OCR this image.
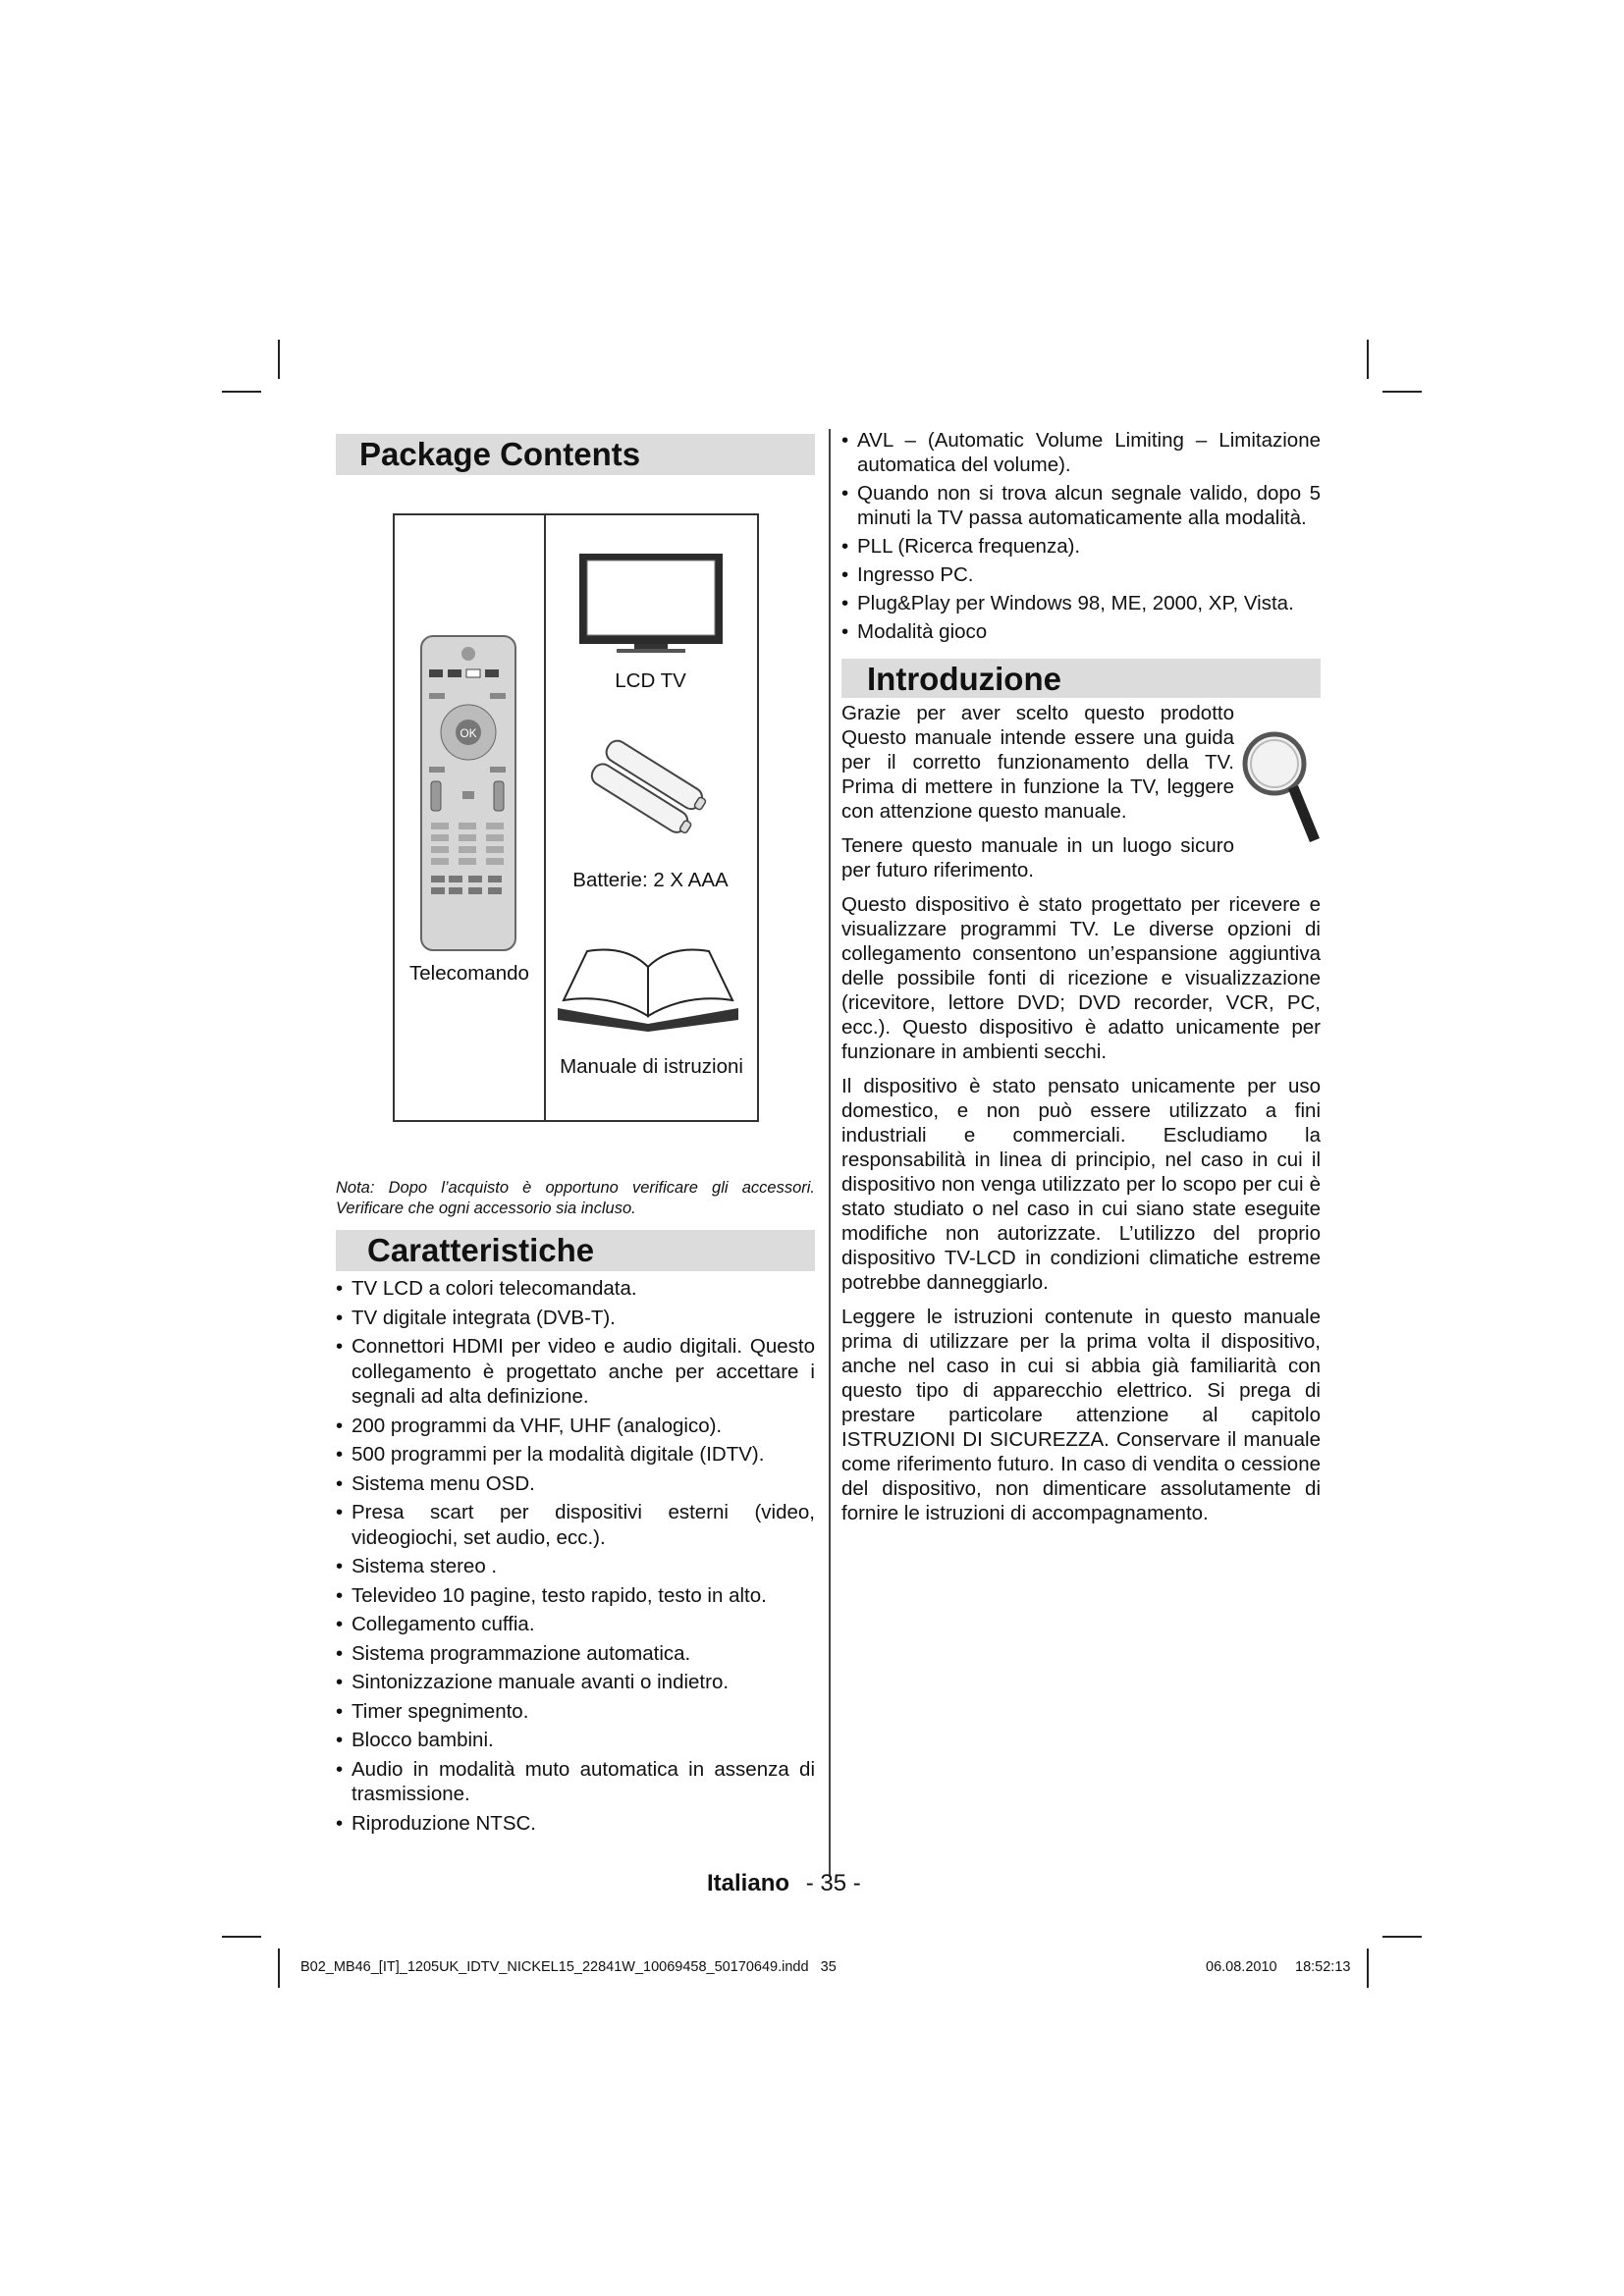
Package Contents
LCD TV
Batterie: 2 X AAA
OK
Telecomando
Manuale di istruzioni
Nota: Dopo l’acquisto è opportuno verificare gli accessori. Verificare che ogni accessorio sia incluso.
Caratteristiche
• TV LCD a colori telecomandata.
• TV digitale integrata (DVB-T).
• Connettori HDMI per video e audio digitali. Questo collegamento è progettato anche per accettare i segnali ad alta definizione.
• 200 programmi da VHF, UHF (analogico).
• 500 programmi per la modalità digitale (IDTV).
• Sistema menu OSD.
• Presa scart per dispositivi esterni (video, videogiochi, set audio, ecc.).
• Sistema stereo .
• Televideo 10 pagine, testo rapido, testo in alto.
• Collegamento cuffia.
• Sistema programmazione automatica.
• Sintonizzazione manuale avanti o indietro.
• Timer spegnimento.
• Blocco bambini.
• Audio in modalità muto automatica in assenza di trasmissione.
• Riproduzione NTSC.
• AVL – (Automatic Volume Limiting – Limitazione automatica del volume).
• Quando non si trova alcun segnale valido, dopo 5 minuti la TV passa automaticamente alla modalità.
• PLL (Ricerca frequenza).
• Ingresso PC.
• Plug&Play per Windows 98, ME, 2000, XP, Vista.
• Modalità gioco
Introduzione

Grazie per aver scelto questo prodotto Questo manuale intende essere una guida per il corretto funzionamento della TV. Prima di mettere in funzione la TV, leggere con attenzione questo manuale.

Tenere questo manuale in un luogo sicuro per futuro riferimento.

Questo dispositivo è stato progettato per ricevere e visualizzare programmi TV. Le diverse opzioni di collegamento consentono un’espansione aggiuntiva delle possibile fonti di ricezione e visualizzazione (ricevitore, lettore DVD; DVD recorder, VCR, PC, ecc.). Questo dispositivo è adatto unicamente per funzionare in ambienti secchi.

Il dispositivo è stato pensato unicamente per uso domestico, e non può essere utilizzato a fini industriali e commerciali. Escludiamo la responsabilità in linea di principio, nel caso in cui il dispositivo non venga utilizzato per lo scopo per cui è stato studiato o nel caso in cui siano state eseguite modifiche non autorizzate. L’utilizzo del proprio dispositivo TV-LCD in condizioni climatiche estreme potrebbe danneggiarlo.

Leggere le istruzioni contenute in questo manuale prima di utilizzare per la prima volta il dispositivo, anche nel caso in cui si abbia già familiarità con questo tipo di apparecchio elettrico. Si prega di prestare particolare attenzione al capitolo ISTRUZIONI DI SICUREZZA. Conservare il manuale come riferimento futuro. In caso di vendita o cessione del dispositivo, non dimenticare assolutamente di fornire le istruzioni di accompagnamento.

Italiano - 35 -
B02_MB46_[IT]_1205UK_IDTV_NICKEL15_22841W_10069458_50170649.indd   35	06.08.2010 18:52:13
